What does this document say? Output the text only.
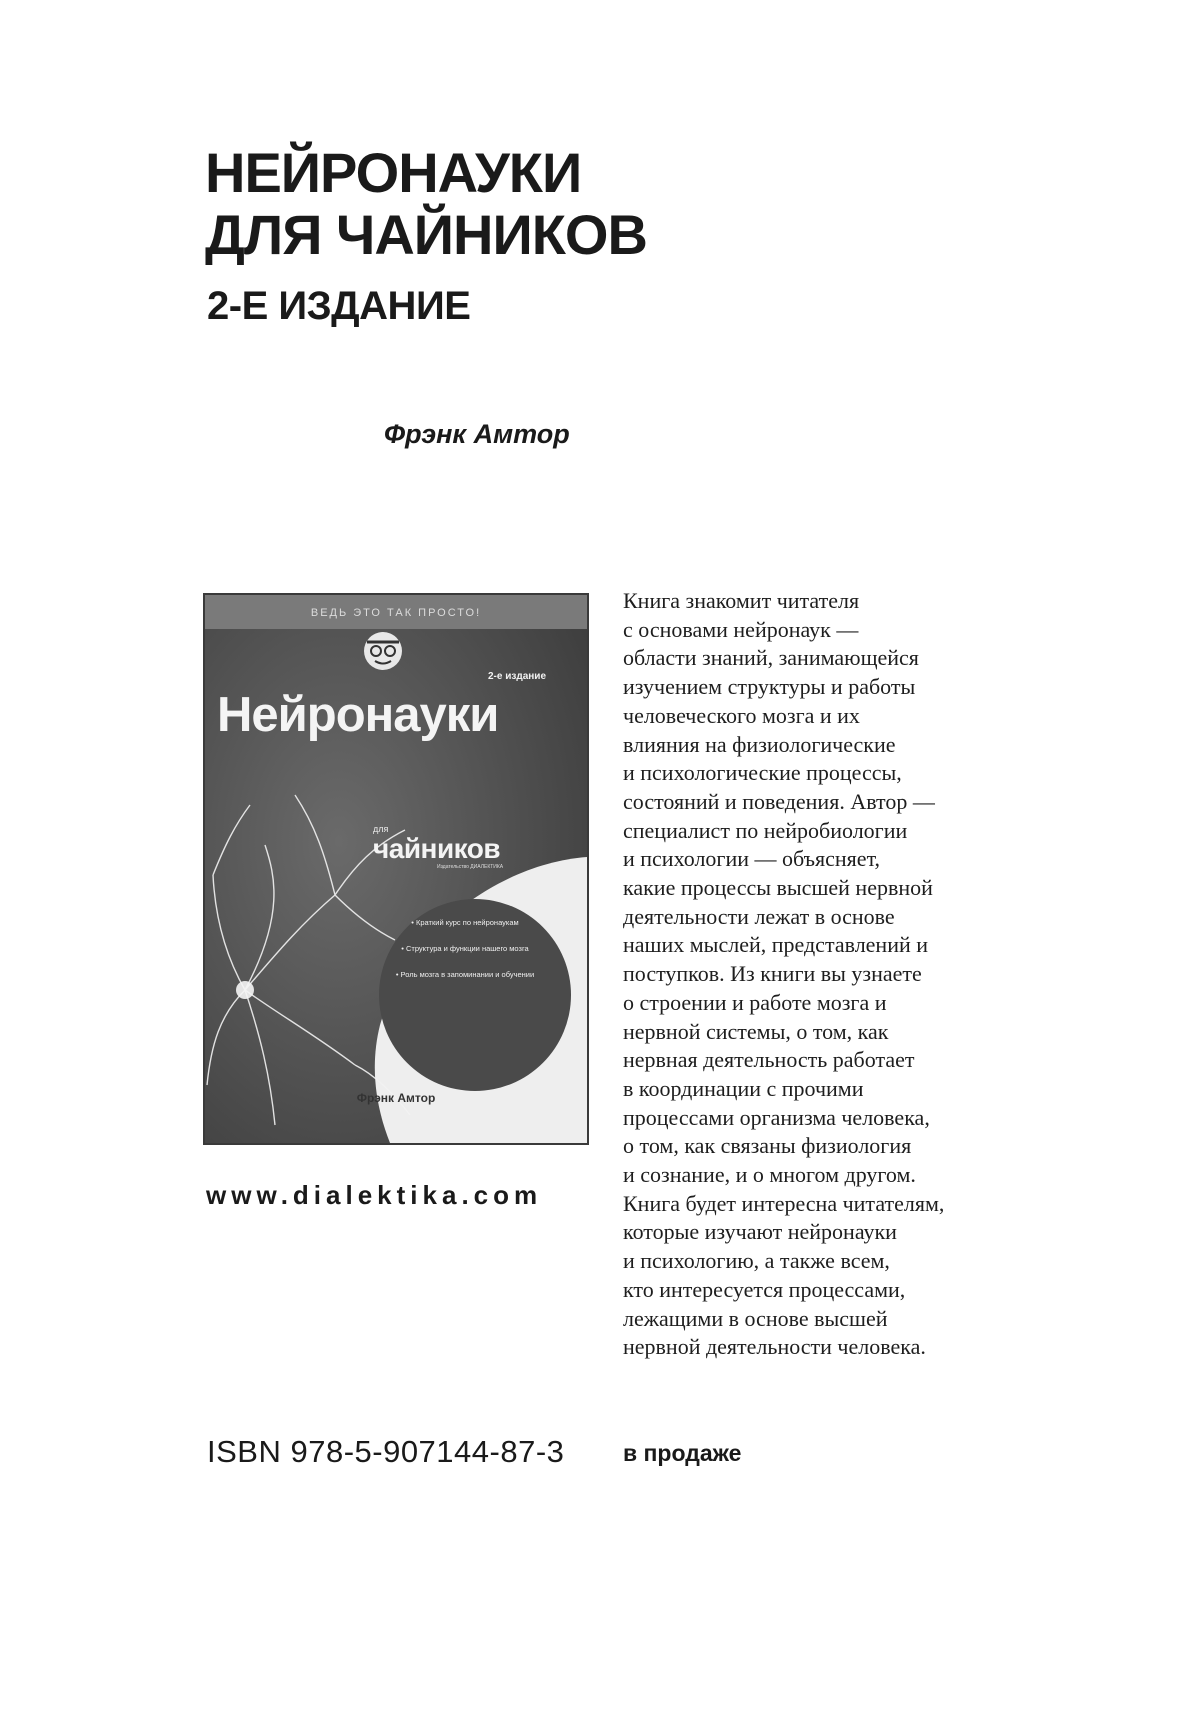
НЕЙРОНАУКИ
ДЛЯ ЧАЙНИКОВ
2-Е ИЗДАНИЕ
Фрэнк Амтор
ВЕДЬ ЭТО ТАК ПРОСТО!
2-е издание
Нейронауки
для
чайников
Издательство ДИАЛЕКТИКА
• Краткий курс по нейронаукам
• Структура и функции нашего мозга
• Роль мозга в запоминании и обучении
Фрэнк Амтор
www.dialektika.com
Книга знакомит читателя
с основами нейронаук —
области знаний, занимающейся
изучением структуры и работы
человеческого мозга и их
влияния на физиологические
и психологические процессы,
состояний и поведения. Автор —
специалист по нейробиологии
и психологии — объясняет,
какие процессы высшей нервной
деятельности лежат в основе
наших мыслей, представлений и
поступков. Из книги вы узнаете
о строении и работе мозга и
нервной системы, о том, как
нервная деятельность работает
в координации с прочими
процессами организма человека,
о том, как связаны физиология
и сознание, и о многом другом.
Книга будет интересна читателям,
которые изучают нейронауки
и психологию, а также всем,
кто интересуется процессами,
лежащими в основе высшей
нервной деятельности человека.
ISBN 978-5-907144-87-3	в продаже
